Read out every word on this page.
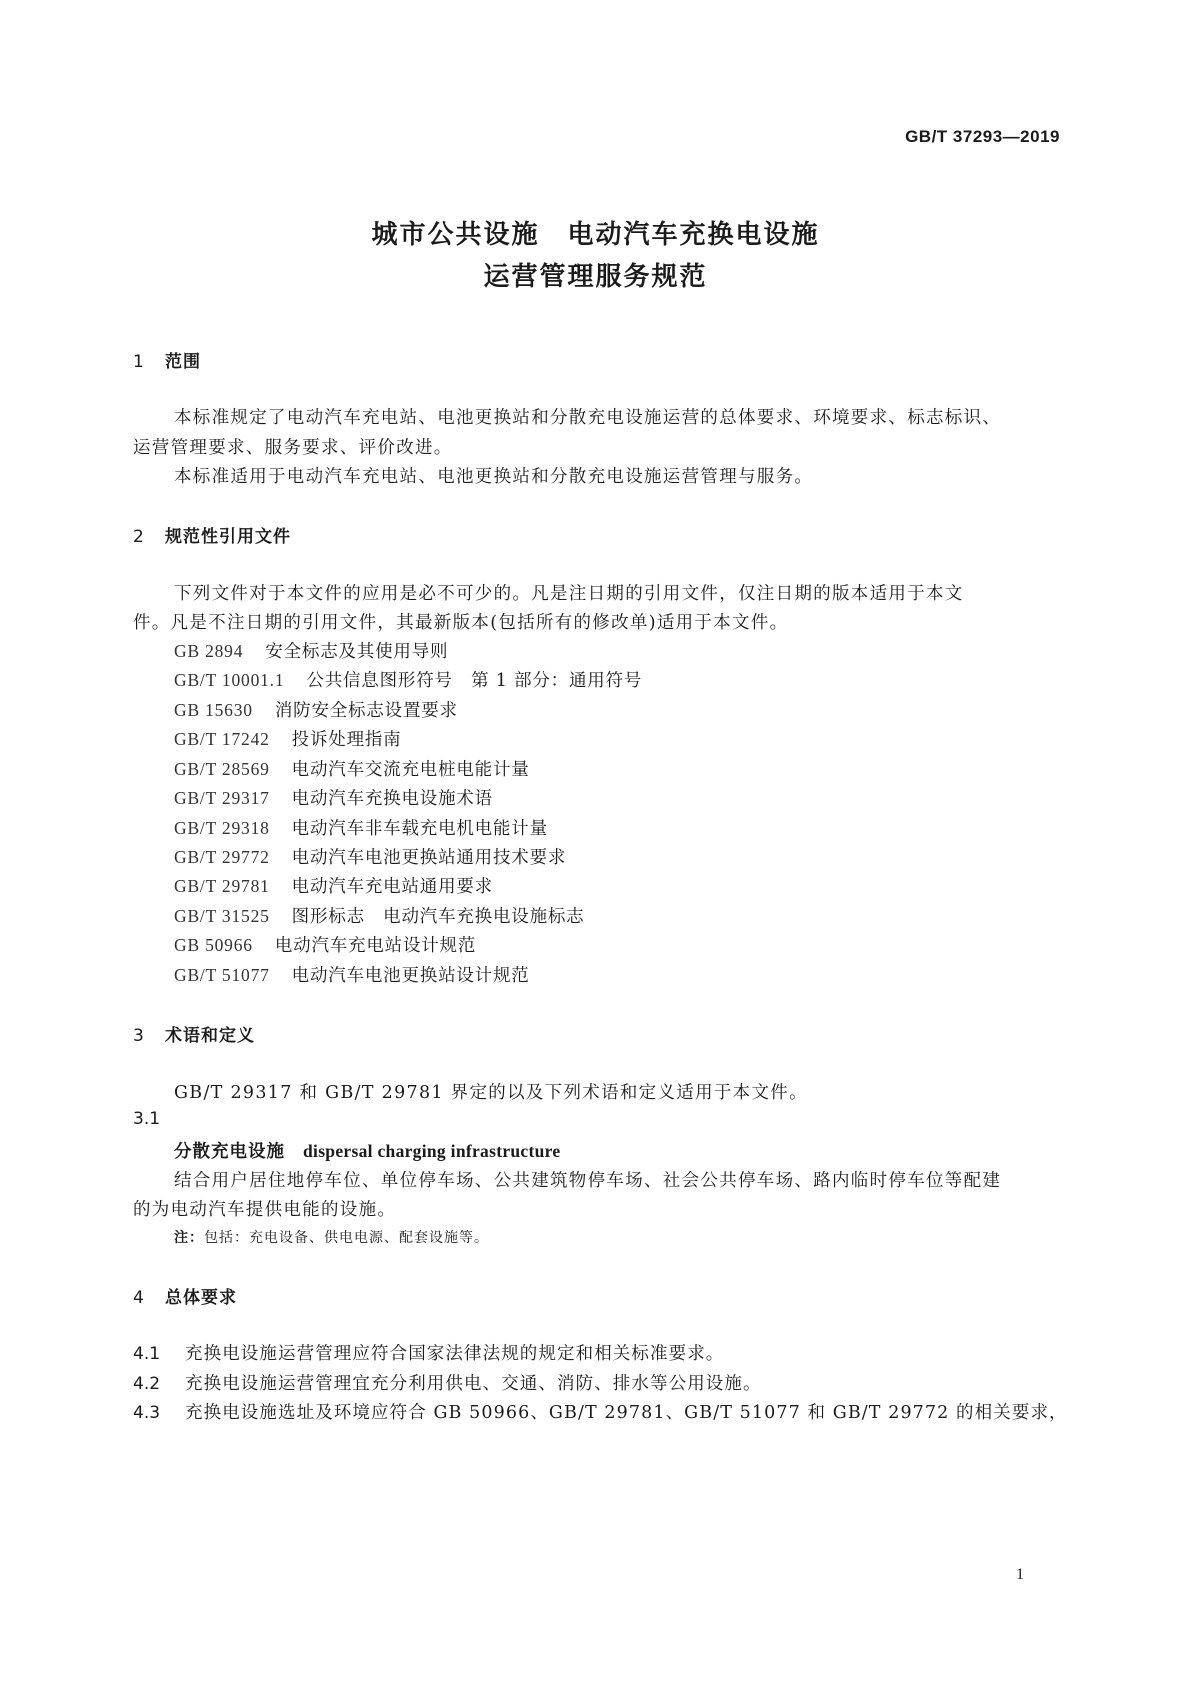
GB/T 37293—2019
城市公共设施　电动汽车充换电设施
运营管理服务规范
1 范围
本标准规定了电动汽车充电站、电池更换站和分散充电设施运营的总体要求、环境要求、标志标识、
运营管理要求、服务要求、评价改进。
本标准适用于电动汽车充电站、电池更换站和分散充电设施运营管理与服务。
2 规范性引用文件
下列文件对于本文件的应用是必不可少的。凡是注日期的引用文件，仅注日期的版本适用于本文
件。凡是不注日期的引用文件，其最新版本(包括所有的修改单)适用于本文件。
GB 2894 安全标志及其使用导则
GB/T 10001.1 公共信息图形符号　第 1 部分：通用符号
GB 15630 消防安全标志设置要求
GB/T 17242 投诉处理指南
GB/T 28569 电动汽车交流充电桩电能计量
GB/T 29317 电动汽车充换电设施术语
GB/T 29318 电动汽车非车载充电机电能计量
GB/T 29772 电动汽车电池更换站通用技术要求
GB/T 29781 电动汽车充电站通用要求
GB/T 31525 图形标志　电动汽车充换电设施标志
GB 50966 电动汽车充电站设计规范
GB/T 51077 电动汽车电池更换站设计规范
3 术语和定义
GB/T 29317 和 GB/T 29781 界定的以及下列术语和定义适用于本文件。
3.1
分散充电设施 dispersal charging infrastructure
结合用户居住地停车位、单位停车场、公共建筑物停车场、社会公共停车场、路内临时停车位等配建
的为电动汽车提供电能的设施。
注：包括：充电设备、供电电源、配套设施等。
4 总体要求
4.1 充换电设施运营管理应符合国家法律法规的规定和相关标准要求。
4.2 充换电设施运营管理宜充分利用供电、交通、消防、排水等公用设施。
4.3 充换电设施选址及环境应符合 GB 50966、GB/T 29781、GB/T 51077 和 GB/T 29772 的相关要求，
1
